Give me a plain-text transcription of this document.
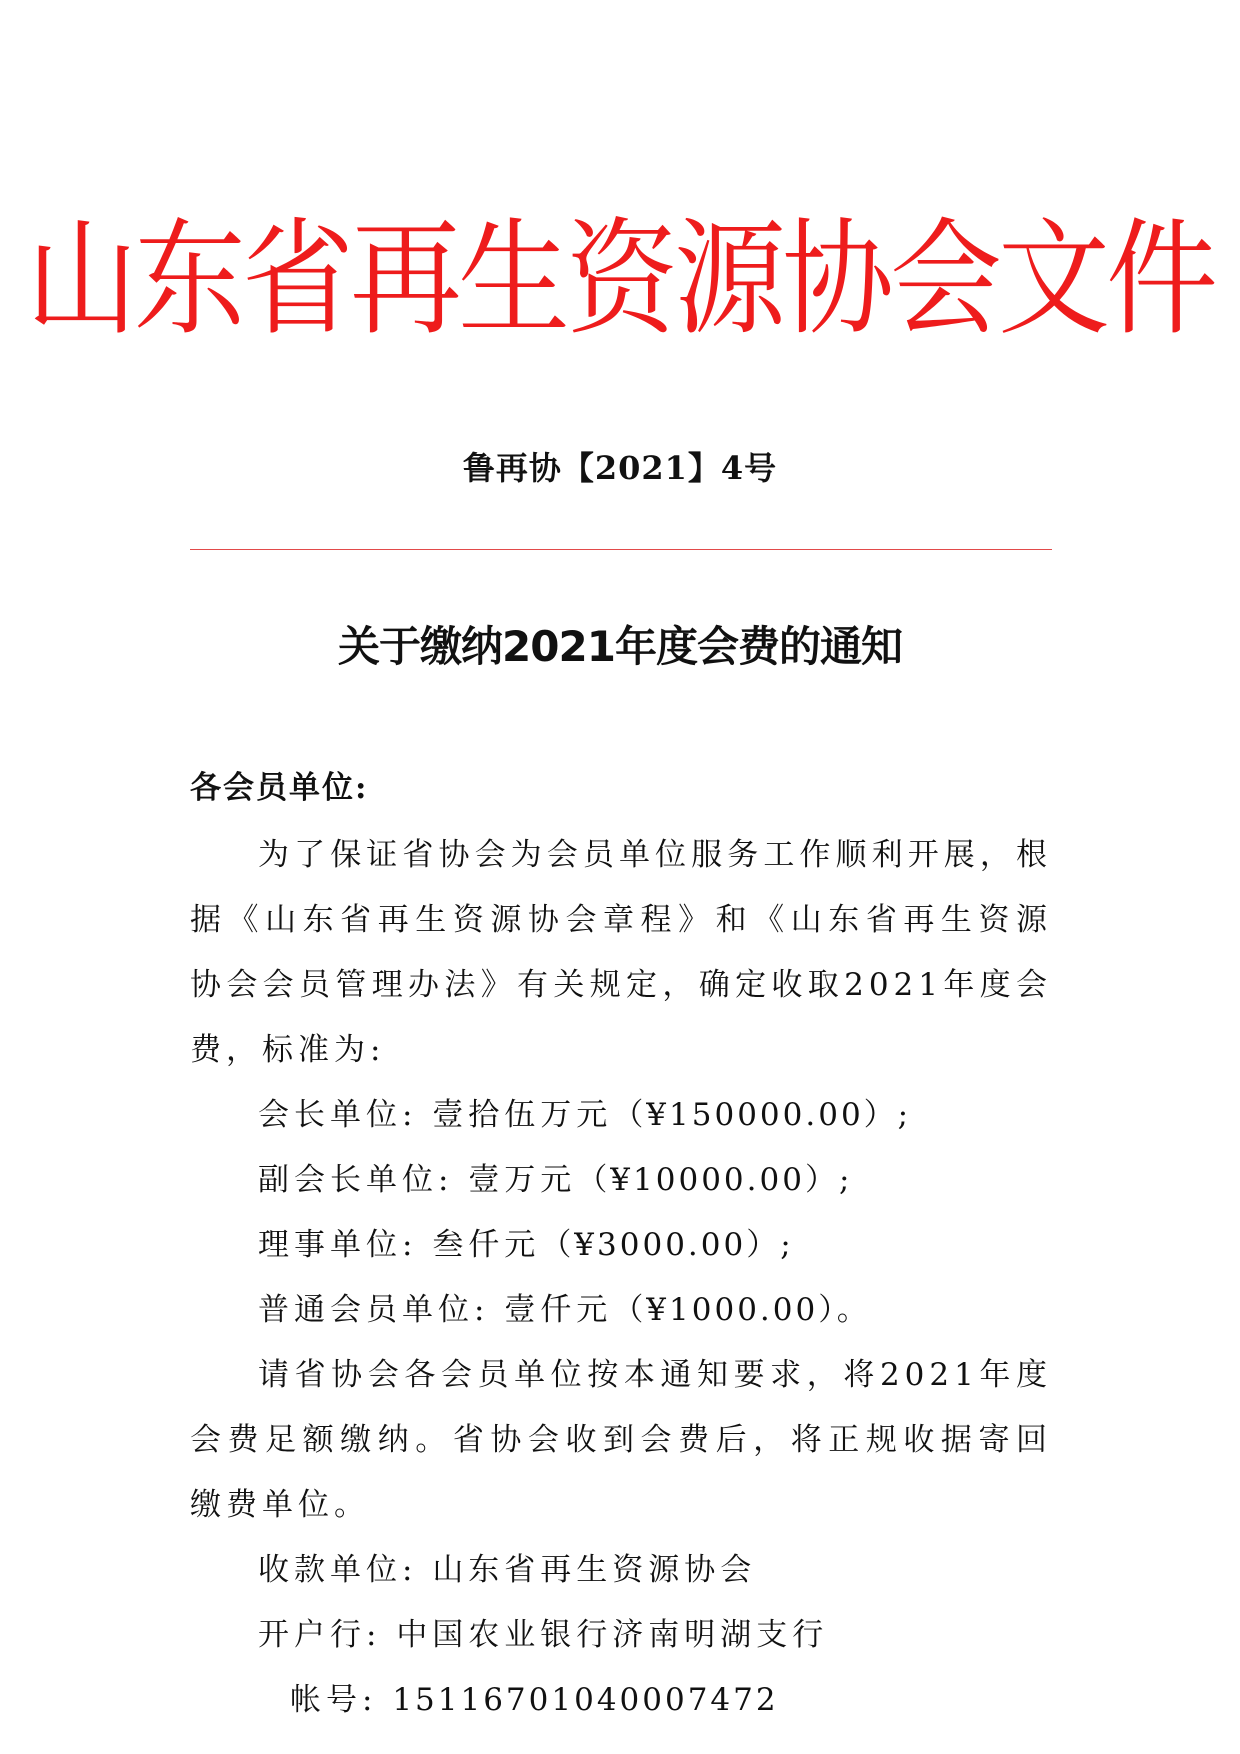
山东省再生资源协会文件
鲁再协【2021】4号
关于缴纳2021年度会费的通知
各会员单位:

为了保证省协会为会员单位服务工作顺利开展，根据《山东省再生资源协会章程》和《山东省再生资源协会会员管理办法》有关规定，确定收取2021年度会费，标准为:

会长单位: 壹拾伍万元（¥150000.00）;

副会长单位: 壹万元（¥10000.00）;

理事单位: 叁仟元（¥3000.00）;

普通会员单位: 壹仟元（¥1000.00）。

请省协会各会员单位按本通知要求，将2021年度会费足额缴纳。省协会收到会费后，将正规收据寄回缴费单位。

收款单位: 山东省再生资源协会

开户行: 中国农业银行济南明湖支行

帐号: 15116701040007472
